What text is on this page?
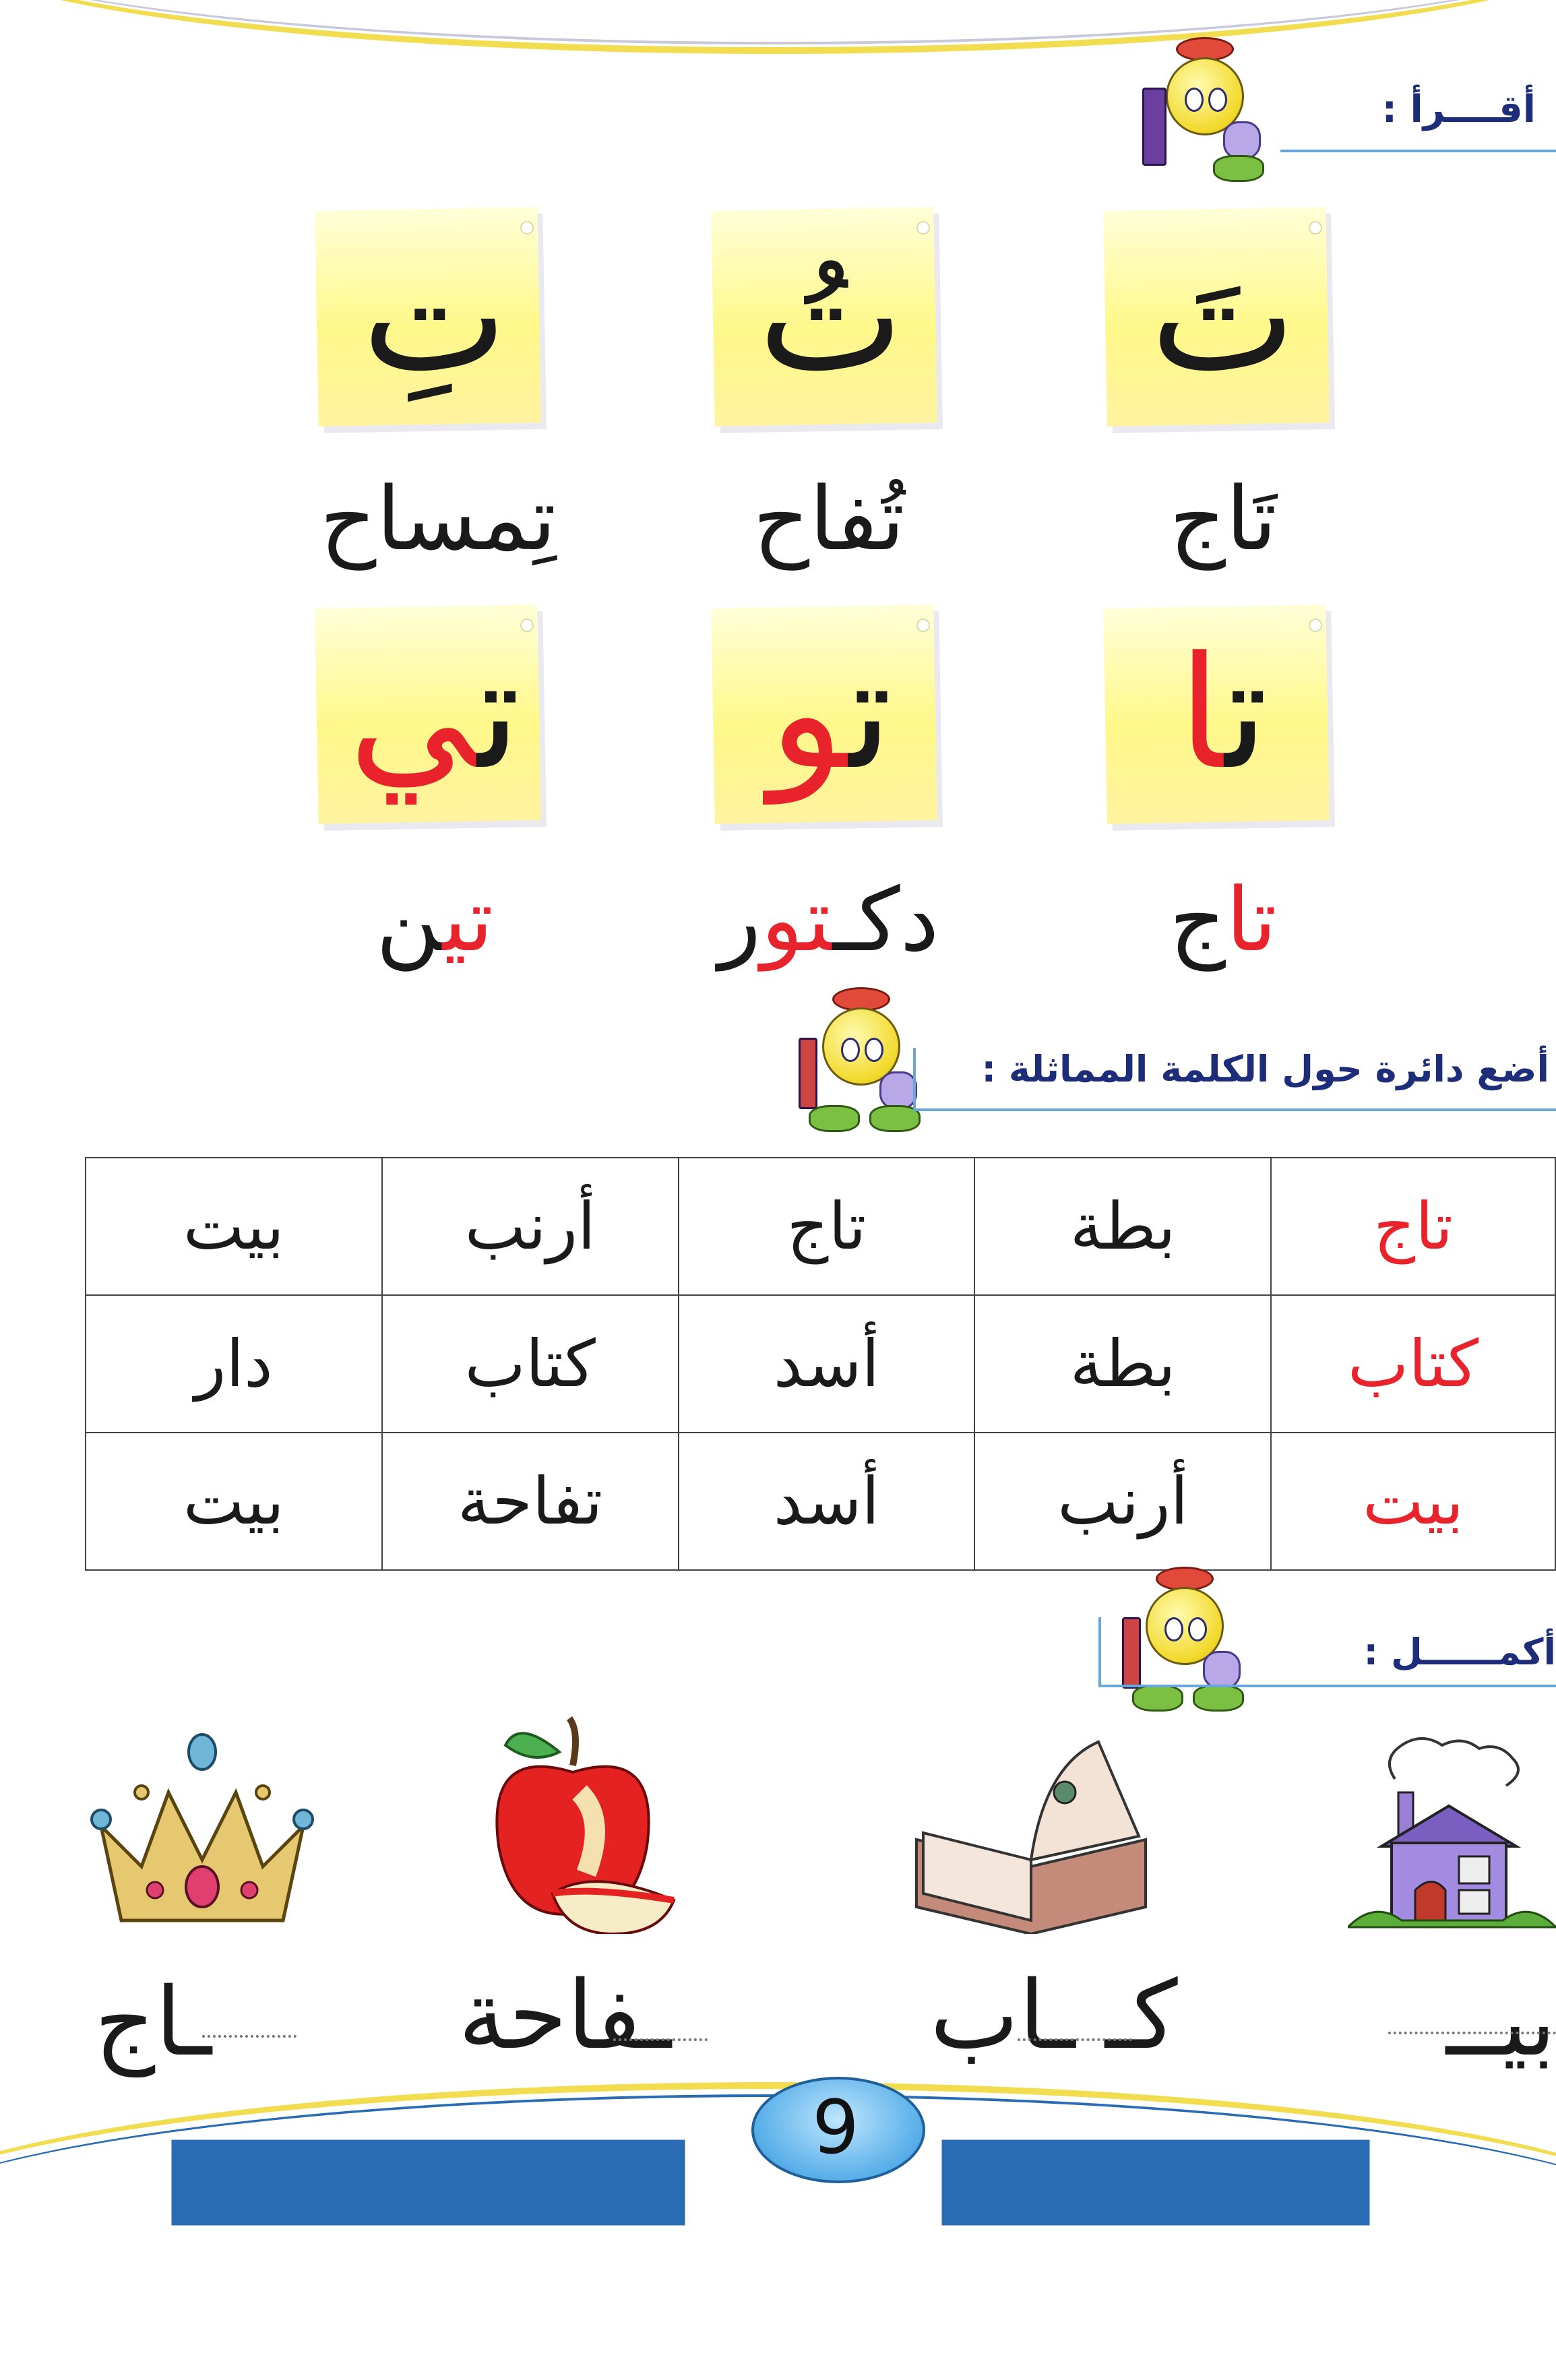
أقــــرأ :
تَ
تُ
تِ
تَاج
تُفاح
تِمساح
تا
تو
تي
تاج
دكـتور
تين
أضع دائرة حول الكلمة المماثلة :
بيت	أرنب	تاج	بطة	تاج
دار	كتاب	أسد	بطة	كتاب
بيت	تفاحة	أسد	أرنب	بيت
أكمــــــل :
بيــ
كـ ـاب
ـفاحة
ـاج
9
